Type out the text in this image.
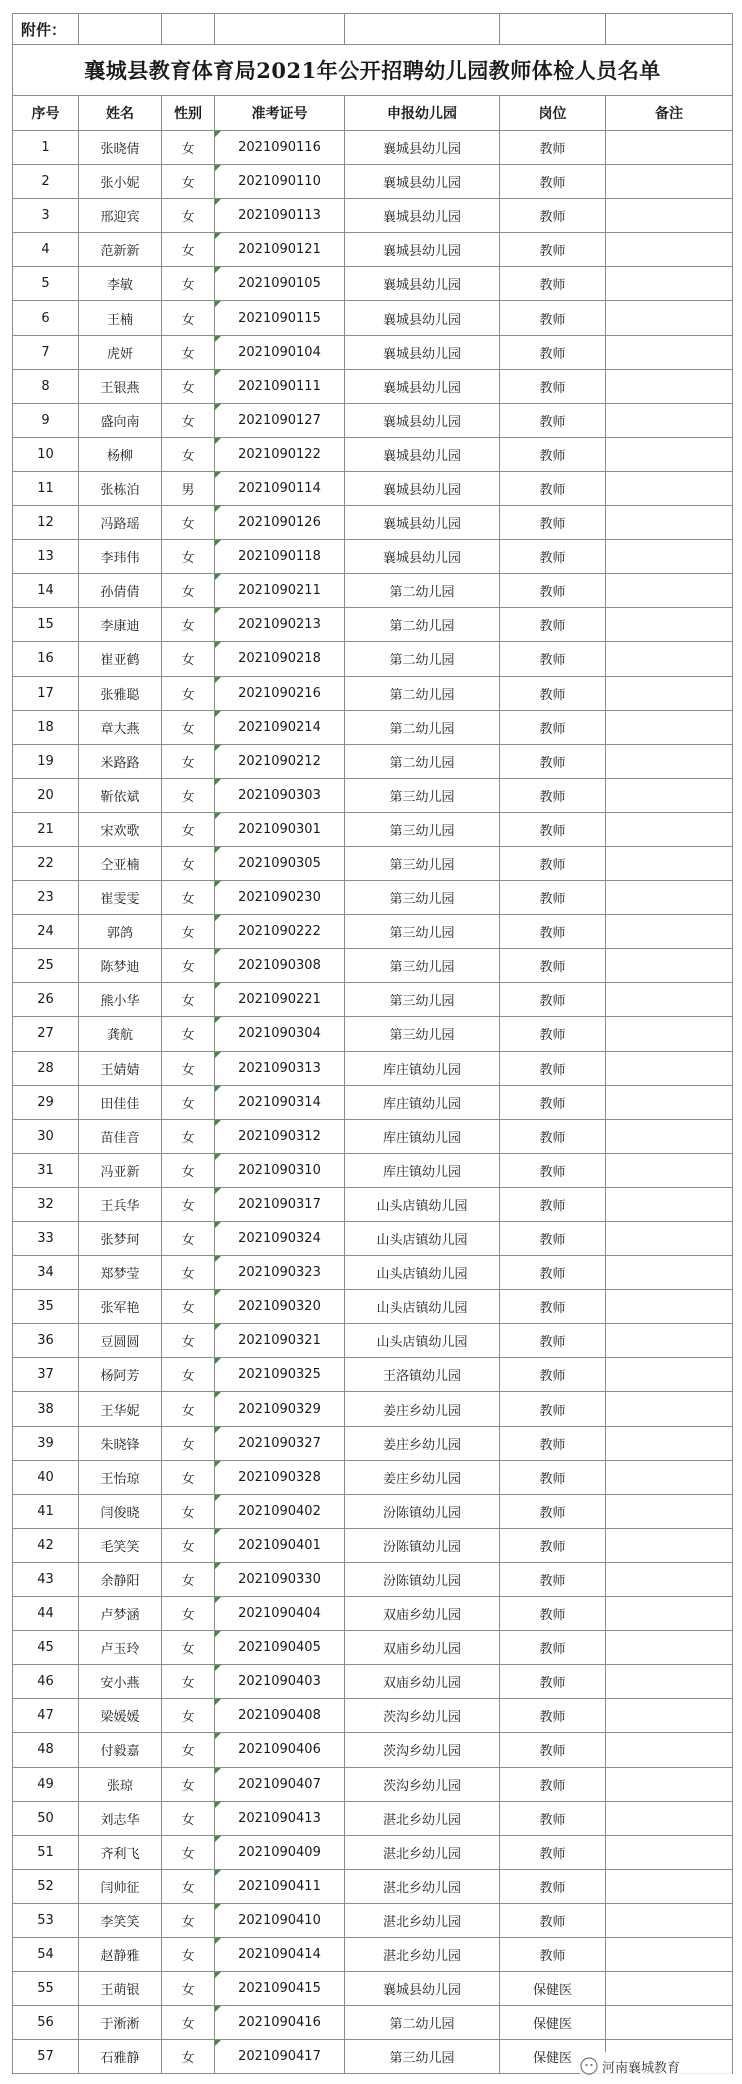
附件：						
襄城县教育体育局2021年公开招聘幼儿园教师体检人员名单						
序号	姓名	性别	准考证号	申报幼儿园	岗位	备注
1	张晓倩	女	2021090116	襄城县幼儿园	教师	
2	张小妮	女	2021090110	襄城县幼儿园	教师	
3	邢迎宾	女	2021090113	襄城县幼儿园	教师	
4	范新新	女	2021090121	襄城县幼儿园	教师	
5	李敏	女	2021090105	襄城县幼儿园	教师	
6	王楠	女	2021090115	襄城县幼儿园	教师	
7	虎妍	女	2021090104	襄城县幼儿园	教师	
8	王银燕	女	2021090111	襄城县幼儿园	教师	
9	盛向南	女	2021090127	襄城县幼儿园	教师	
10	杨柳	女	2021090122	襄城县幼儿园	教师	
11	张栋泊	男	2021090114	襄城县幼儿园	教师	
12	冯路瑶	女	2021090126	襄城县幼儿园	教师	
13	李玮伟	女	2021090118	襄城县幼儿园	教师	
14	孙倩倩	女	2021090211	第二幼儿园	教师	
15	李康迪	女	2021090213	第二幼儿园	教师	
16	崔亚鹤	女	2021090218	第二幼儿园	教师	
17	张雅聪	女	2021090216	第二幼儿园	教师	
18	章大燕	女	2021090214	第二幼儿园	教师	
19	米路路	女	2021090212	第二幼儿园	教师	
20	靳依斌	女	2021090303	第三幼儿园	教师	
21	宋欢歌	女	2021090301	第三幼儿园	教师	
22	仝亚楠	女	2021090305	第三幼儿园	教师	
23	崔雯雯	女	2021090230	第三幼儿园	教师	
24	郭鸽	女	2021090222	第三幼儿园	教师	
25	陈梦迪	女	2021090308	第三幼儿园	教师	
26	熊小华	女	2021090221	第三幼儿园	教师	
27	龚航	女	2021090304	第三幼儿园	教师	
28	王婧婧	女	2021090313	库庄镇幼儿园	教师	
29	田佳佳	女	2021090314	库庄镇幼儿园	教师	
30	苗佳音	女	2021090312	库庄镇幼儿园	教师	
31	冯亚新	女	2021090310	库庄镇幼儿园	教师	
32	王兵华	女	2021090317	山头店镇幼儿园	教师	
33	张梦珂	女	2021090324	山头店镇幼儿园	教师	
34	郑梦莹	女	2021090323	山头店镇幼儿园	教师	
35	张军艳	女	2021090320	山头店镇幼儿园	教师	
36	豆圆圆	女	2021090321	山头店镇幼儿园	教师	
37	杨阿芳	女	2021090325	王洛镇幼儿园	教师	
38	王华妮	女	2021090329	姜庄乡幼儿园	教师	
39	朱晓锋	女	2021090327	姜庄乡幼儿园	教师	
40	王怡琼	女	2021090328	姜庄乡幼儿园	教师	
41	闫俊晓	女	2021090402	汾陈镇幼儿园	教师	
42	毛笑笑	女	2021090401	汾陈镇幼儿园	教师	
43	余静阳	女	2021090330	汾陈镇幼儿园	教师	
44	卢梦涵	女	2021090404	双庙乡幼儿园	教师	
45	卢玉玲	女	2021090405	双庙乡幼儿园	教师	
46	安小燕	女	2021090403	双庙乡幼儿园	教师	
47	梁媛媛	女	2021090408	茨沟乡幼儿园	教师	
48	付毅嘉	女	2021090406	茨沟乡幼儿园	教师	
49	张琼	女	2021090407	茨沟乡幼儿园	教师	
50	刘志华	女	2021090413	湛北乡幼儿园	教师	
51	齐利飞	女	2021090409	湛北乡幼儿园	教师	
52	闫帅征	女	2021090411	湛北乡幼儿园	教师	
53	李笑笑	女	2021090410	湛北乡幼儿园	教师	
54	赵静雅	女	2021090414	湛北乡幼儿园	教师	
55	王萌银	女	2021090415	襄城县幼儿园	保健医	
56	于淅淅	女	2021090416	第二幼儿园	保健医	
57	石雅静	女	2021090417	第三幼儿园	保健医	
河南襄城教育
